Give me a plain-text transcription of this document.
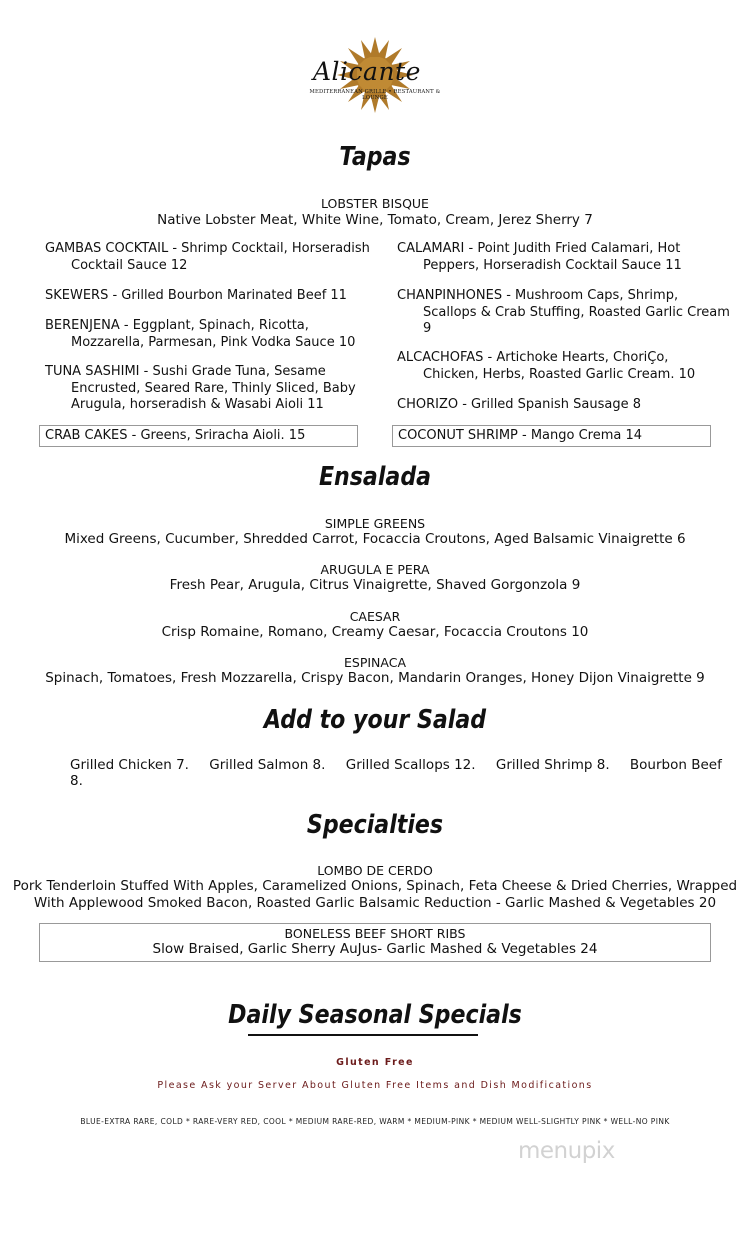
Alicante
MEDITERRANEAN GRILLE • RESTAURANT & LOUNGE
Tapas
LOBSTER BISQUE
Native Lobster Meat, White Wine, Tomato, Cream, Jerez Sherry 7
GAMBAS COCKTAIL - Shrimp Cocktail, Horseradish
Cocktail Sauce 12
SKEWERS - Grilled Bourbon Marinated Beef 11
BERENJENA - Eggplant, Spinach, Ricotta,
Mozzarella, Parmesan, Pink Vodka Sauce 10
TUNA SASHIMI - Sushi Grade Tuna, Sesame
Encrusted, Seared Rare, Thinly Sliced, Baby
Arugula, horseradish & Wasabi Aioli 11
CALAMARI - Point Judith Fried Calamari, Hot
Peppers, Horseradish Cocktail Sauce 11
CHANPINHONES - Mushroom Caps, Shrimp,
Scallops & Crab Stuffing, Roasted Garlic Cream
9
ALCACHOFAS - Artichoke Hearts, ChoriÇo,
Chicken, Herbs, Roasted Garlic Cream. 10
CHORIZO - Grilled Spanish Sausage 8
CRAB CAKES - Greens, Sriracha Aioli. 15	COCONUT SHRIMP - Mango Crema 14
Ensalada
SIMPLE GREENS
Mixed Greens, Cucumber, Shredded Carrot, Focaccia Croutons, Aged Balsamic Vinaigrette 6
ARUGULA E PERA
Fresh Pear, Arugula, Citrus Vinaigrette, Shaved Gorgonzola 9
CAESAR
Crisp Romaine, Romano, Creamy Caesar, Focaccia Croutons 10
ESPINACA
Spinach, Tomatoes, Fresh Mozzarella, Crispy Bacon, Mandarin Oranges, Honey Dijon Vinaigrette 9
Add to your Salad
Grilled Chicken 7. Grilled Salmon 8. Grilled Scallops 12. Grilled Shrimp 8. Bourbon Beef 8.
Specialties
LOMBO DE CERDO
Pork Tenderloin Stuffed With Apples, Caramelized Onions, Spinach, Feta Cheese & Dried Cherries, Wrapped
With Applewood Smoked Bacon, Roasted Garlic Balsamic Reduction - Garlic Mashed & Vegetables 20
BONELESS BEEF SHORT RIBS
Slow Braised, Garlic Sherry AuJus- Garlic Mashed & Vegetables 24
Daily Seasonal Specials
Gluten Free
Please Ask your Server About Gluten Free Items and Dish Modifications
BLUE-EXTRA RARE, COLD * RARE-VERY RED, COOL * MEDIUM RARE-RED, WARM * MEDIUM-PINK * MEDIUM WELL-SLIGHTLY PINK * WELL-NO PINK
menupix
